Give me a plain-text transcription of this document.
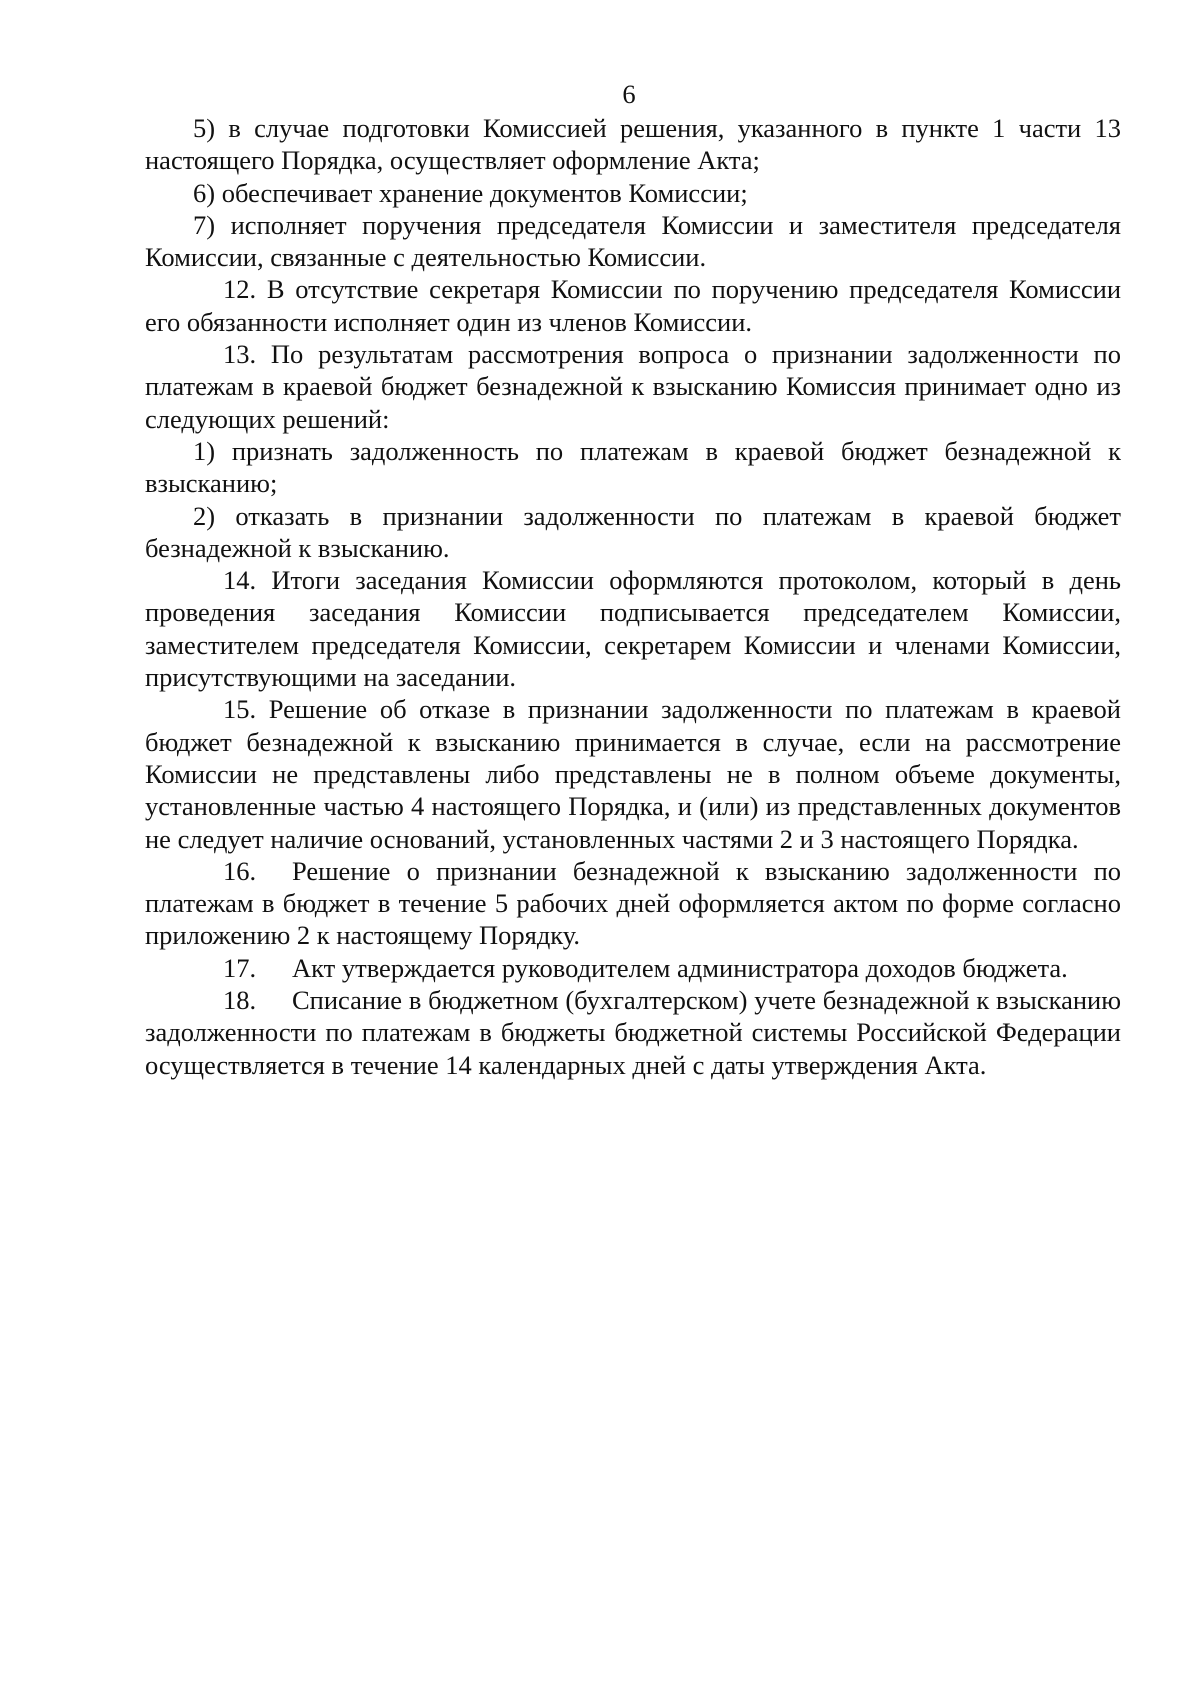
6

5) в случае подготовки Комиссией решения, указанного в пункте 1 части 13 настоящего Порядка, осуществляет оформление Акта;

6) обеспечивает хранение документов Комиссии;

7) исполняет поручения председателя Комиссии и заместителя председателя Комиссии, связанные с деятельностью Комиссии.

12. В отсутствие секретаря Комиссии по поручению председателя Комиссии его обязанности исполняет один из членов Комиссии.

13. По результатам рассмотрения вопроса о признании задолженности по платежам в краевой бюджет безнадежной к взысканию Комиссия принимает одно из следующих решений:

1) признать задолженность по платежам в краевой бюджет безнадежной к взысканию;

2) отказать в признании задолженности по платежам в краевой бюджет безнадежной к взысканию.

14. Итоги заседания Комиссии оформляются протоколом, который в день проведения заседания Комиссии подписывается председателем Комиссии, заместителем председателя Комиссии, секретарем Комиссии и членами Комиссии, присутствующими на заседании.

15. Решение об отказе в признании задолженности по платежам в краевой бюджет безнадежной к взысканию принимается в случае, если на рассмотрение Комиссии не представлены либо представлены не в полном объеме документы, установленные частью 4 настоящего Порядка, и (или) из представленных документов не следует наличие оснований, установленных частями 2 и 3 настоящего Порядка.

16. Решение о признании безнадежной к взысканию задолженности по платежам в бюджет в течение 5 рабочих дней оформляется актом по форме согласно приложению 2 к настоящему Порядку.

17. Акт утверждается руководителем администратора доходов бюджета.

18. Списание в бюджетном (бухгалтерском) учете безнадежной к взысканию задолженности по платежам в бюджеты бюджетной системы Российской Федерации осуществляется в течение 14 календарных дней с даты утверждения Акта.
